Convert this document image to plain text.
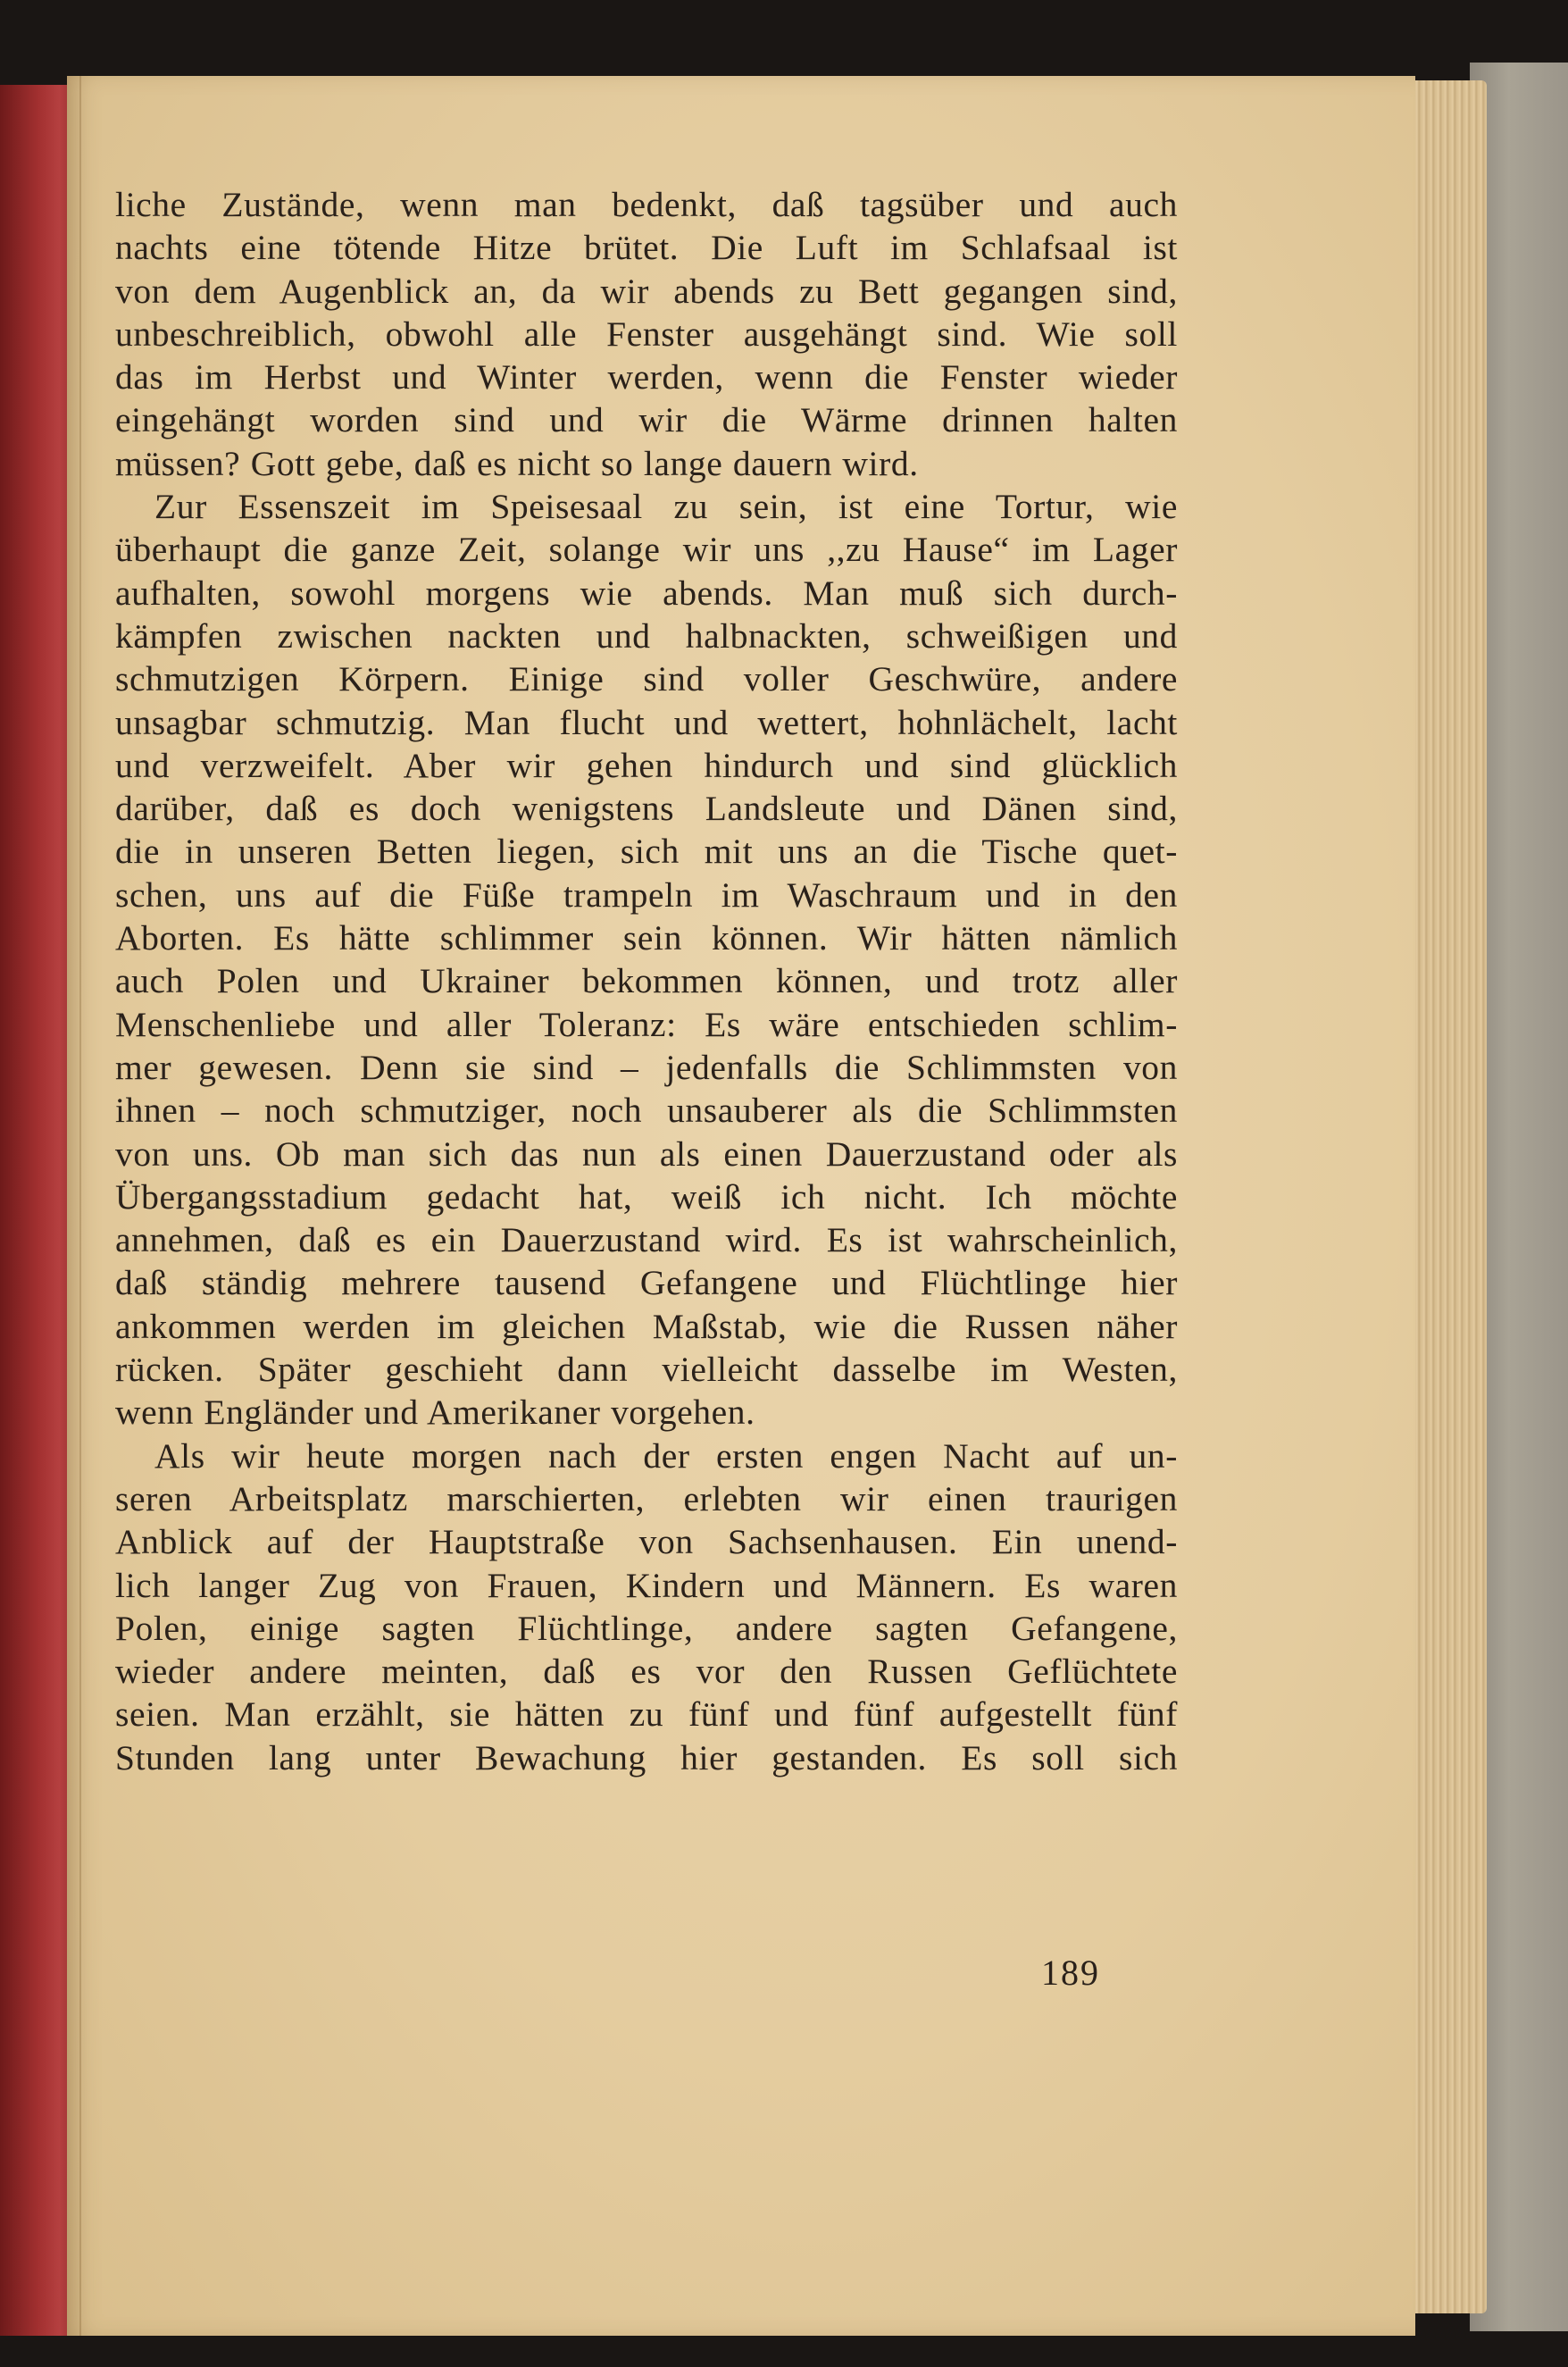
liche Zustände, wenn man bedenkt, daß tagsüber und auch
nachts eine tötende Hitze brütet. Die Luft im Schlafsaal ist
von dem Augenblick an, da wir abends zu Bett gegangen sind,
unbeschreiblich, obwohl alle Fenster ausgehängt sind. Wie soll
das im Herbst und Winter werden, wenn die Fenster wieder
eingehängt worden sind und wir die Wärme drinnen halten
müssen? Gott gebe, daß es nicht so lange dauern wird.
Zur Essenszeit im Speisesaal zu sein, ist eine Tortur, wie
überhaupt die ganze Zeit, solange wir uns ,,zu Hause“ im Lager
aufhalten, sowohl morgens wie abends. Man muß sich durch-
kämpfen zwischen nackten und halbnackten, schweißigen und
schmutzigen Körpern. Einige sind voller Geschwüre, andere
unsagbar schmutzig. Man flucht und wettert, hohnlächelt, lacht
und verzweifelt. Aber wir gehen hindurch und sind glücklich
darüber, daß es doch wenigstens Landsleute und Dänen sind,
die in unseren Betten liegen, sich mit uns an die Tische quet-
schen, uns auf die Füße trampeln im Waschraum und in den
Aborten. Es hätte schlimmer sein können. Wir hätten nämlich
auch Polen und Ukrainer bekommen können, und trotz aller
Menschenliebe und aller Toleranz: Es wäre entschieden schlim-
mer gewesen. Denn sie sind – jedenfalls die Schlimmsten von
ihnen – noch schmutziger, noch unsauberer als die Schlimmsten
von uns. Ob man sich das nun als einen Dauerzustand oder als
Übergangsstadium gedacht hat, weiß ich nicht. Ich möchte
annehmen, daß es ein Dauerzustand wird. Es ist wahrscheinlich,
daß ständig mehrere tausend Gefangene und Flüchtlinge hier
ankommen werden im gleichen Maßstab, wie die Russen näher
rücken. Später geschieht dann vielleicht dasselbe im Westen,
wenn Engländer und Amerikaner vorgehen.
Als wir heute morgen nach der ersten engen Nacht auf un-
seren Arbeitsplatz marschierten, erlebten wir einen traurigen
Anblick auf der Hauptstraße von Sachsenhausen. Ein unend-
lich langer Zug von Frauen, Kindern und Männern. Es waren
Polen, einige sagten Flüchtlinge, andere sagten Gefangene,
wieder andere meinten, daß es vor den Russen Geflüchtete
seien. Man erzählt, sie hätten zu fünf und fünf aufgestellt fünf
Stunden lang unter Bewachung hier gestanden. Es soll sich
189
